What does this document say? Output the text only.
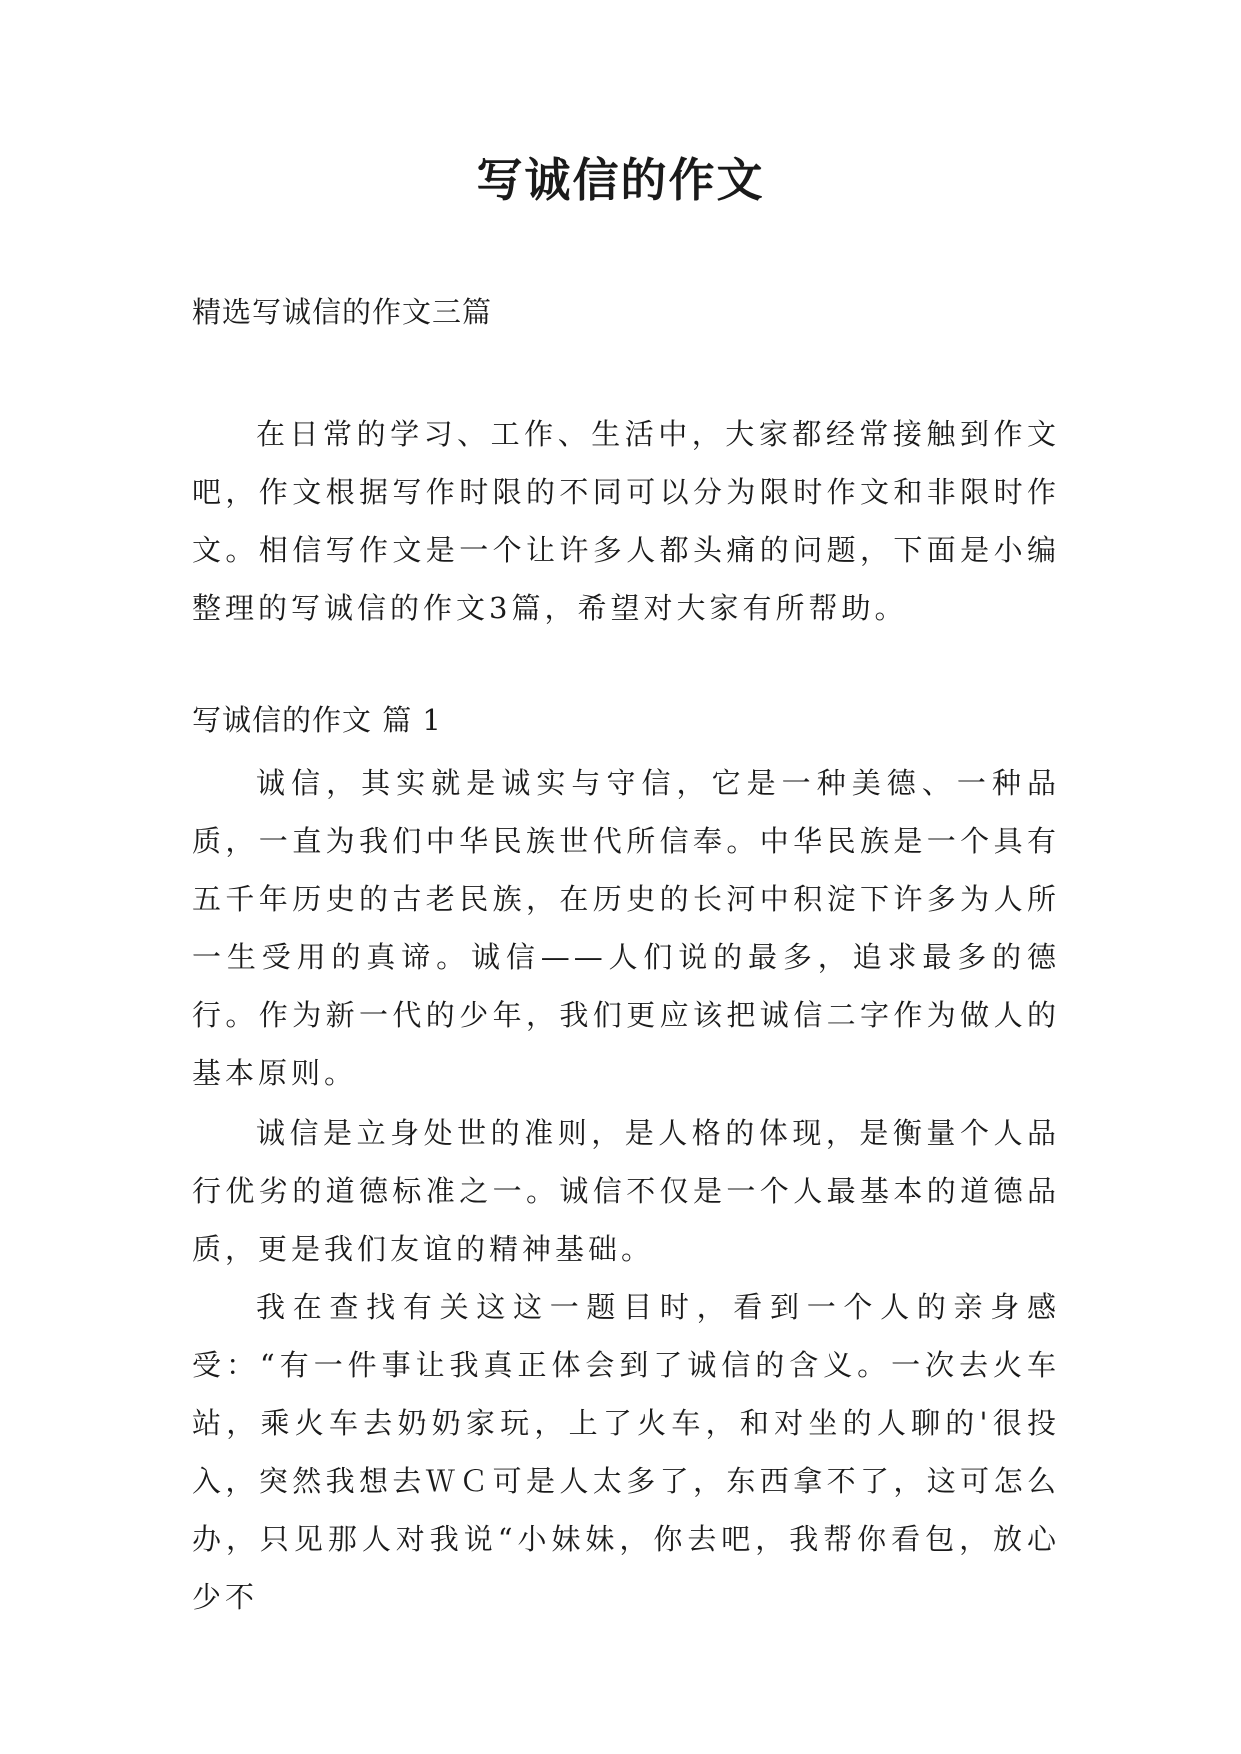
写诚信的作文

精选写诚信的作文三篇

在日常的学习、工作、生活中，大家都经常接触到作文吧，作文根据写作时限的不同可以分为限时作文和非限时作文。相信写作文是一个让许多人都头痛的问题，下面是小编整理的写诚信的作文3篇，希望对大家有所帮助。

写诚信的作文 篇 1

诚信，其实就是诚实与守信，它是一种美德、一种品质，一直为我们中华民族世代所信奉。中华民族是一个具有五千年历史的古老民族，在历史的长河中积淀下许多为人所一生受用的真谛。诚信——人们说的最多，追求最多的德行。作为新一代的少年，我们更应该把诚信二字作为做人的基本原则。

诚信是立身处世的准则，是人格的体现，是衡量个人品行优劣的道德标准之一。诚信不仅是一个人最基本的道德品质，更是我们友谊的精神基础。

我在查找有关这这一题目时，看到一个人的亲身感受：“有一件事让我真正体会到了诚信的含义。一次去火车站，乘火车去奶奶家玩，上了火车，和对坐的人聊的'很投入，突然我想去ＷＣ可是人太多了，东西拿不了，这可怎么办，只见那人对我说“小妹妹，你去吧，我帮你看包，放心少不
